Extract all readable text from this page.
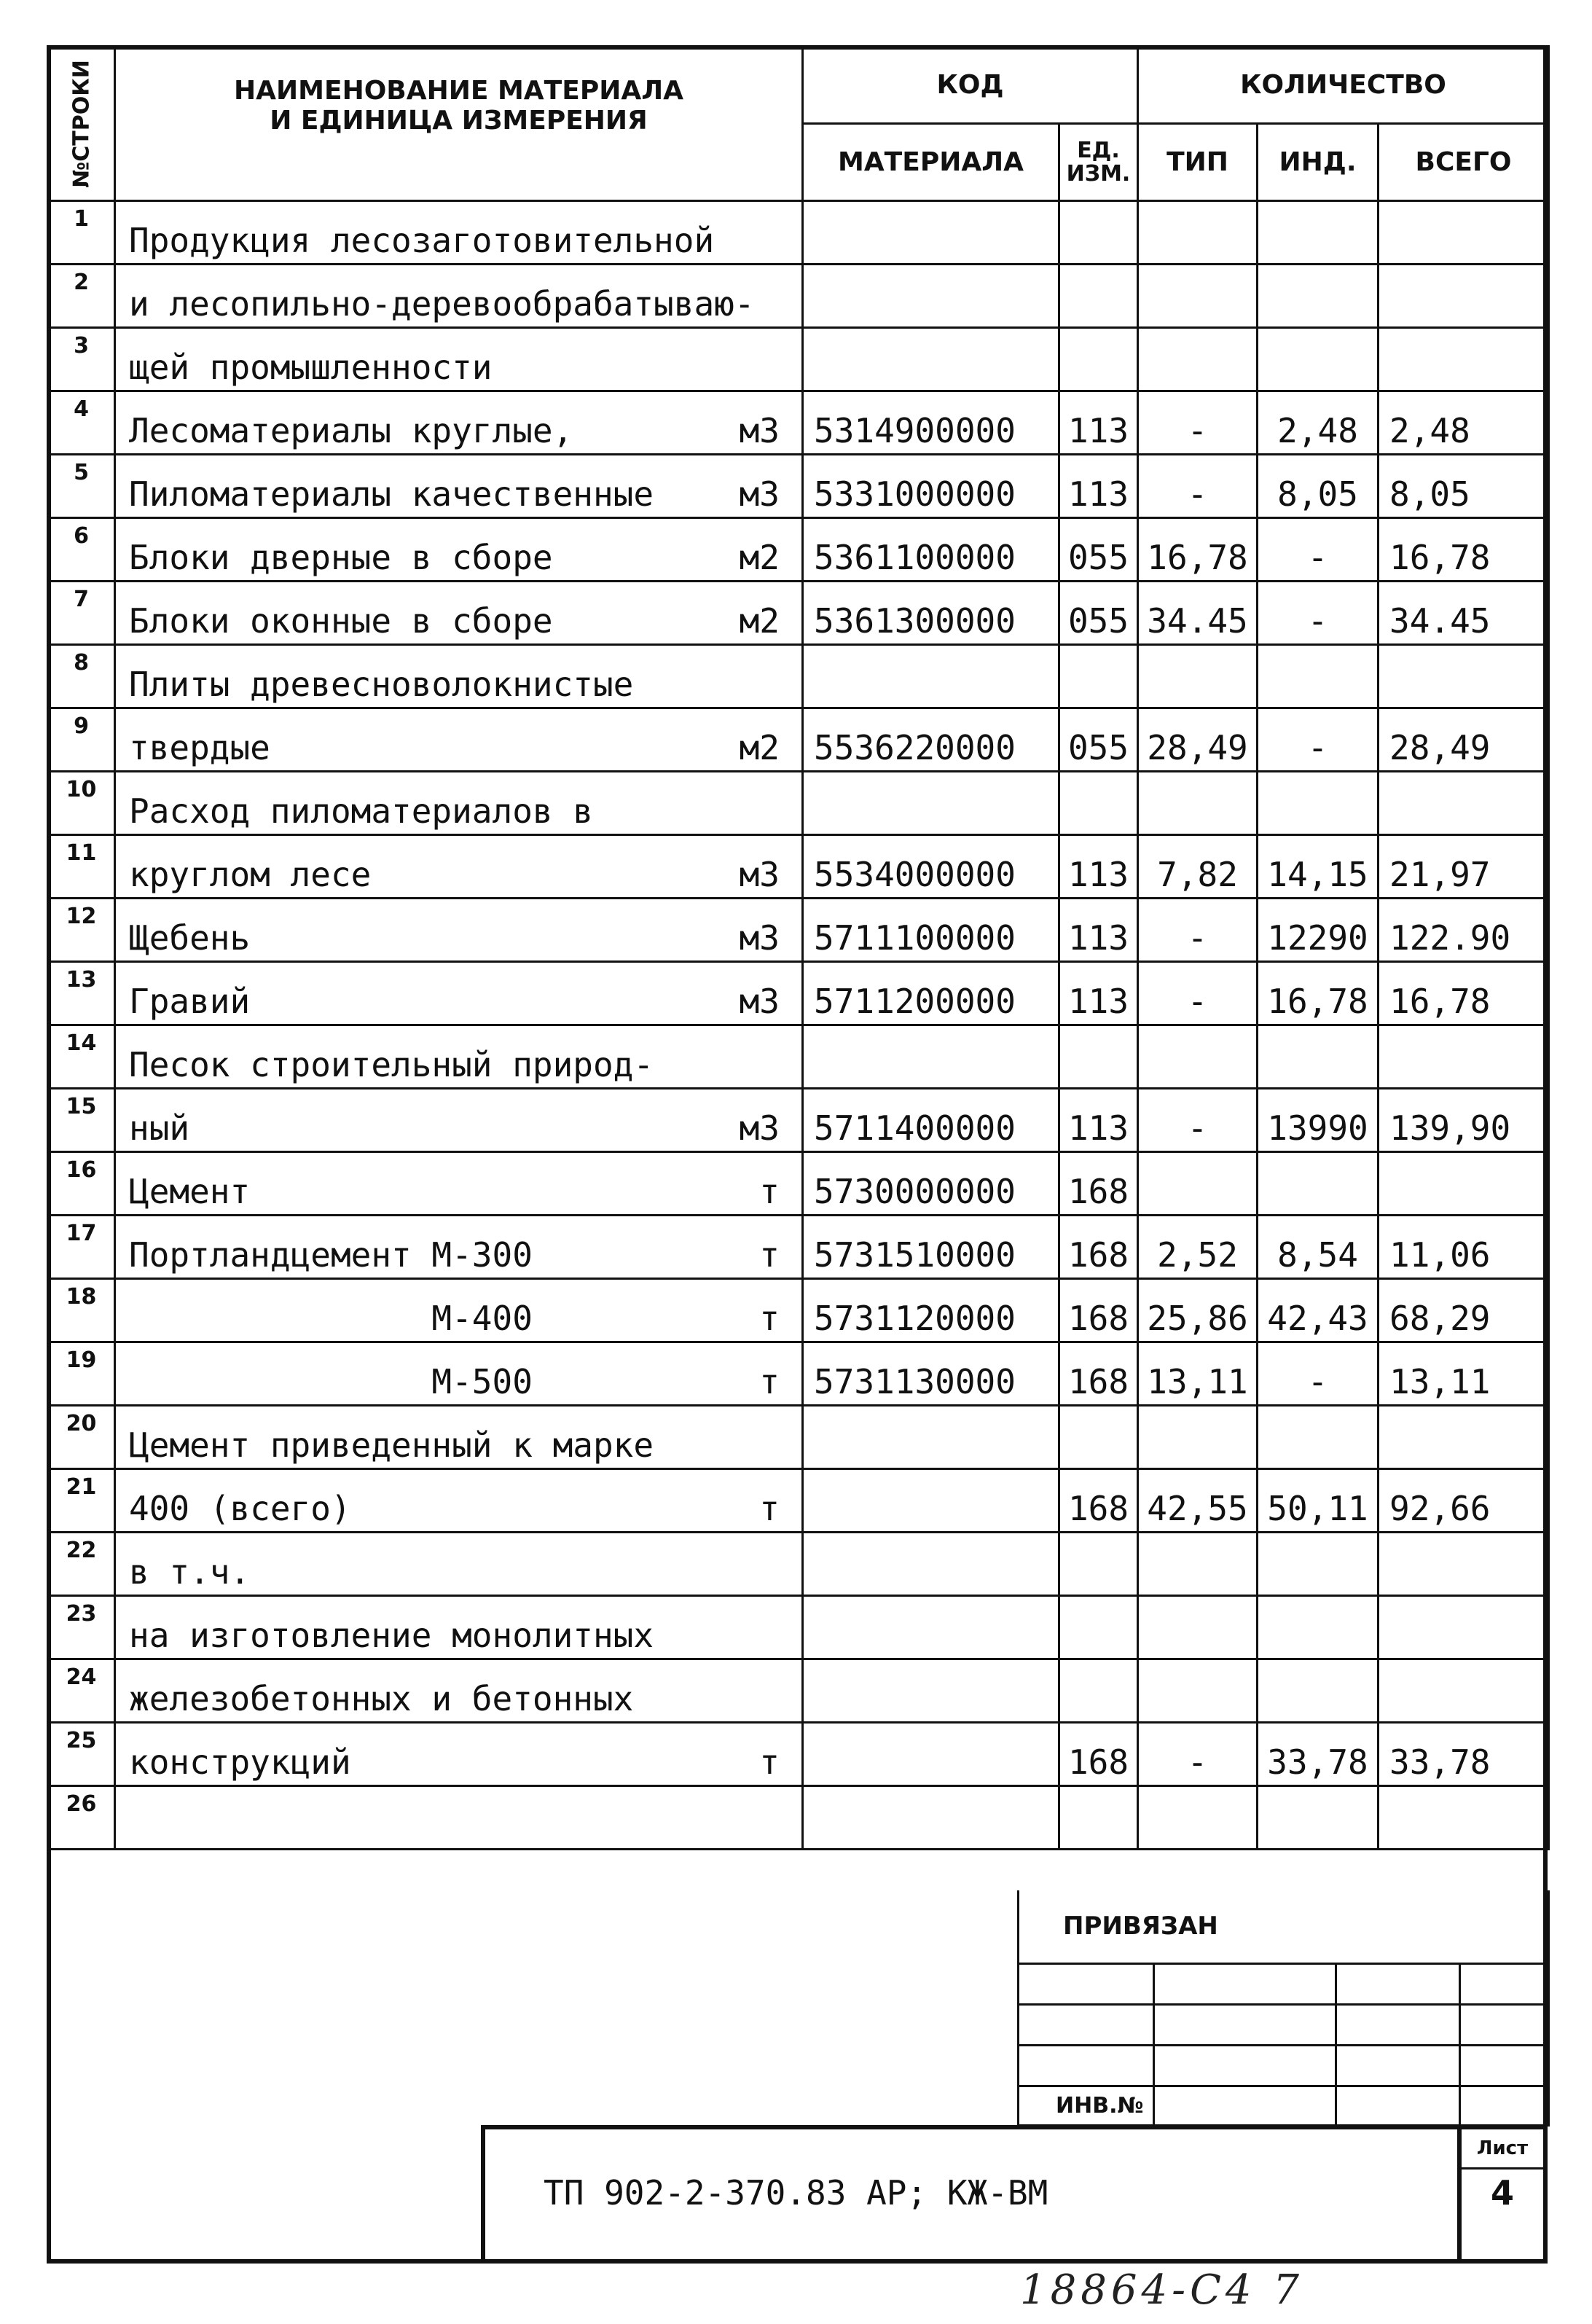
№СТРОКИ	НАИМЕНОВАНИЕ МАТЕРИАЛА
И ЕДИНИЦА ИЗМЕРЕНИЯ	КОД		КОЛИЧЕСТВО		
		МАТЕРИАЛА	ЕД.
ИЗМ.	ТИП	ИНД.	ВСЕГО
1	Продукция лесозаготовительной

2	и лесопильно-деревообрабатываю-

3	щей промышленности

4	Лесоматериалы круглые, м3	5314900000	113	-	2,48	2,48
5	Пиломатериалы качественные м3	5331000000	113	-	8,05	8,05
6	Блоки дверные в сборе м2	5361100000	055	16,78	-	16,78
7	Блоки оконные в сборе м2	5361300000	055	34.45	-	34.45
8	Плиты древесноволокнистые

9	твердые м2	5536220000	055	28,49	-	28,49
10	Расход пиломатериалов в

11	круглом лесе м3	5534000000	113	7,82	14,15	21,97
12	Щебень м3	5711100000	113	-	12290	122.90
13	Гравий м3	5711200000	113	-	16,78	16,78
14	Песок строительный природ-

15	ный м3	5711400000	113	-	13990	139,90
16	Цемент т	5730000000	168			
17	Портландцемент М-300 т	5731510000	168	2,52	8,54	11,06
18	М-400 т	5731120000	168	25,86	42,43	68,29
19	М-500 т	5731130000	168	13,11	-	13,11
20	Цемент приведенный к марке

21	400 (всего) т		168	42,55	50,11	92,66
22	в т.ч.

23	на изготовление монолитных

24	железобетонных и бетонных

25	конструкций т		168	-	33,78	33,78
26	

ПРИВЯЗАН			

ИНВ.№			
ТП 902-2-370.83 АР; КЖ-ВМ
Лист
4
18864-С4 7
